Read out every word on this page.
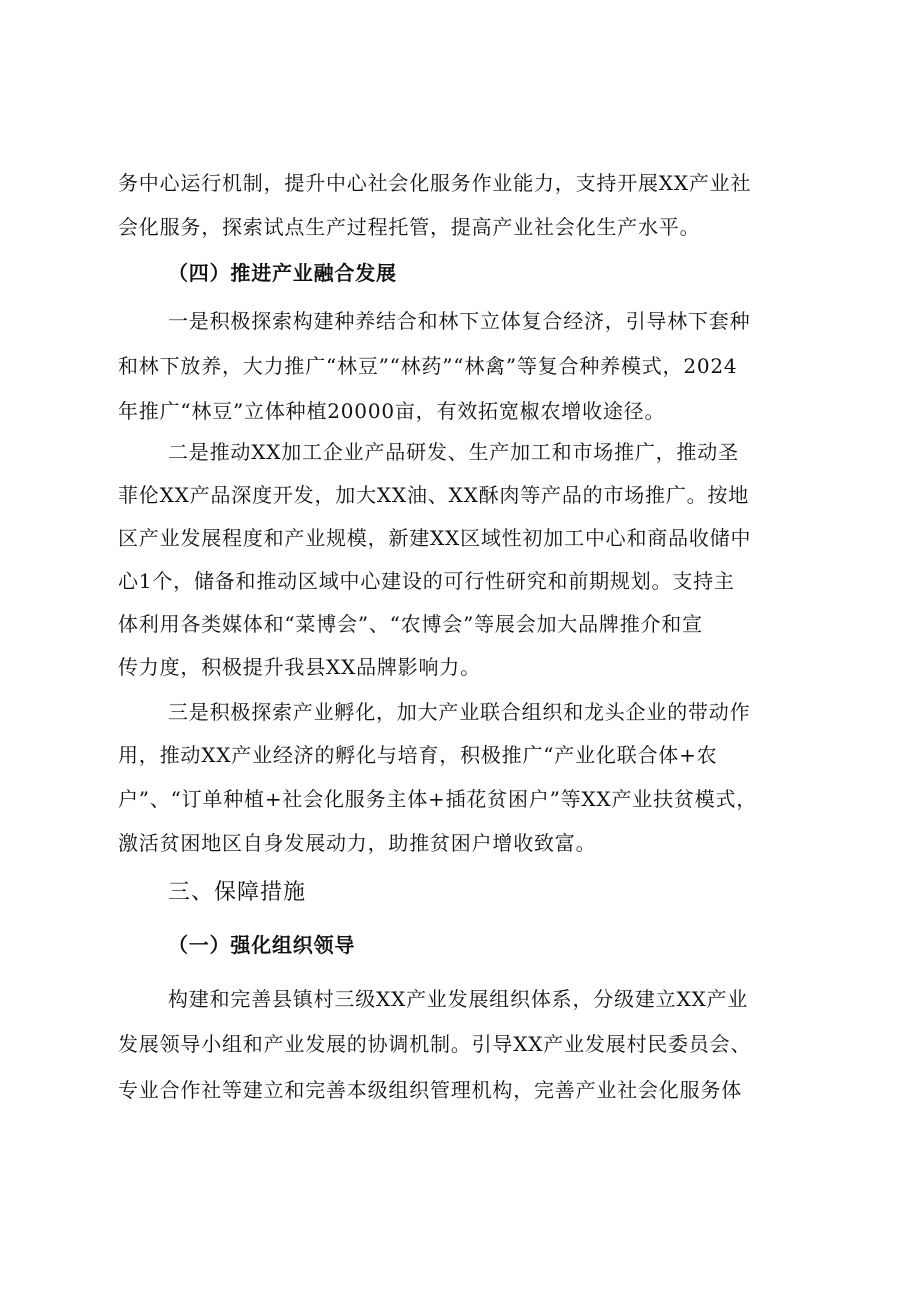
务中心运行机制，提升中心社会化服务作业能力，支持开展XX产业社
会化服务，探索试点生产过程托管，提高产业社会化生产水平。
（四）推进产业融合发展
一是积极探索构建种养结合和林下立体复合经济，引导林下套种
和林下放养，大力推广“林豆”“林药”“林禽”等复合种养模式，2024
年推广“林豆”立体种植20000亩，有效拓宽椒农增收途径。
二是推动XX加工企业产品研发、生产加工和市场推广，推动圣
菲伦XX产品深度开发，加大XX油、XX酥肉等产品的市场推广。按地
区产业发展程度和产业规模，新建XX区域性初加工中心和商品收储中
心1个，储备和推动区域中心建设的可行性研究和前期规划。支持主
体利用各类媒体和“菜博会”、“农博会”等展会加大品牌推介和宣
传力度，积极提升我县XX品牌影响力。
三是积极探索产业孵化，加大产业联合组织和龙头企业的带动作
用，推动XX产业经济的孵化与培育，积极推广“产业化联合体+农
户”、“订单种植+社会化服务主体+插花贫困户”等XX产业扶贫模式，
激活贫困地区自身发展动力，助推贫困户增收致富。
三、保障措施
（一）强化组织领导
构建和完善县镇村三级XX产业发展组织体系，分级建立XX产业
发展领导小组和产业发展的协调机制。引导XX产业发展村民委员会、
专业合作社等建立和完善本级组织管理机构，完善产业社会化服务体
